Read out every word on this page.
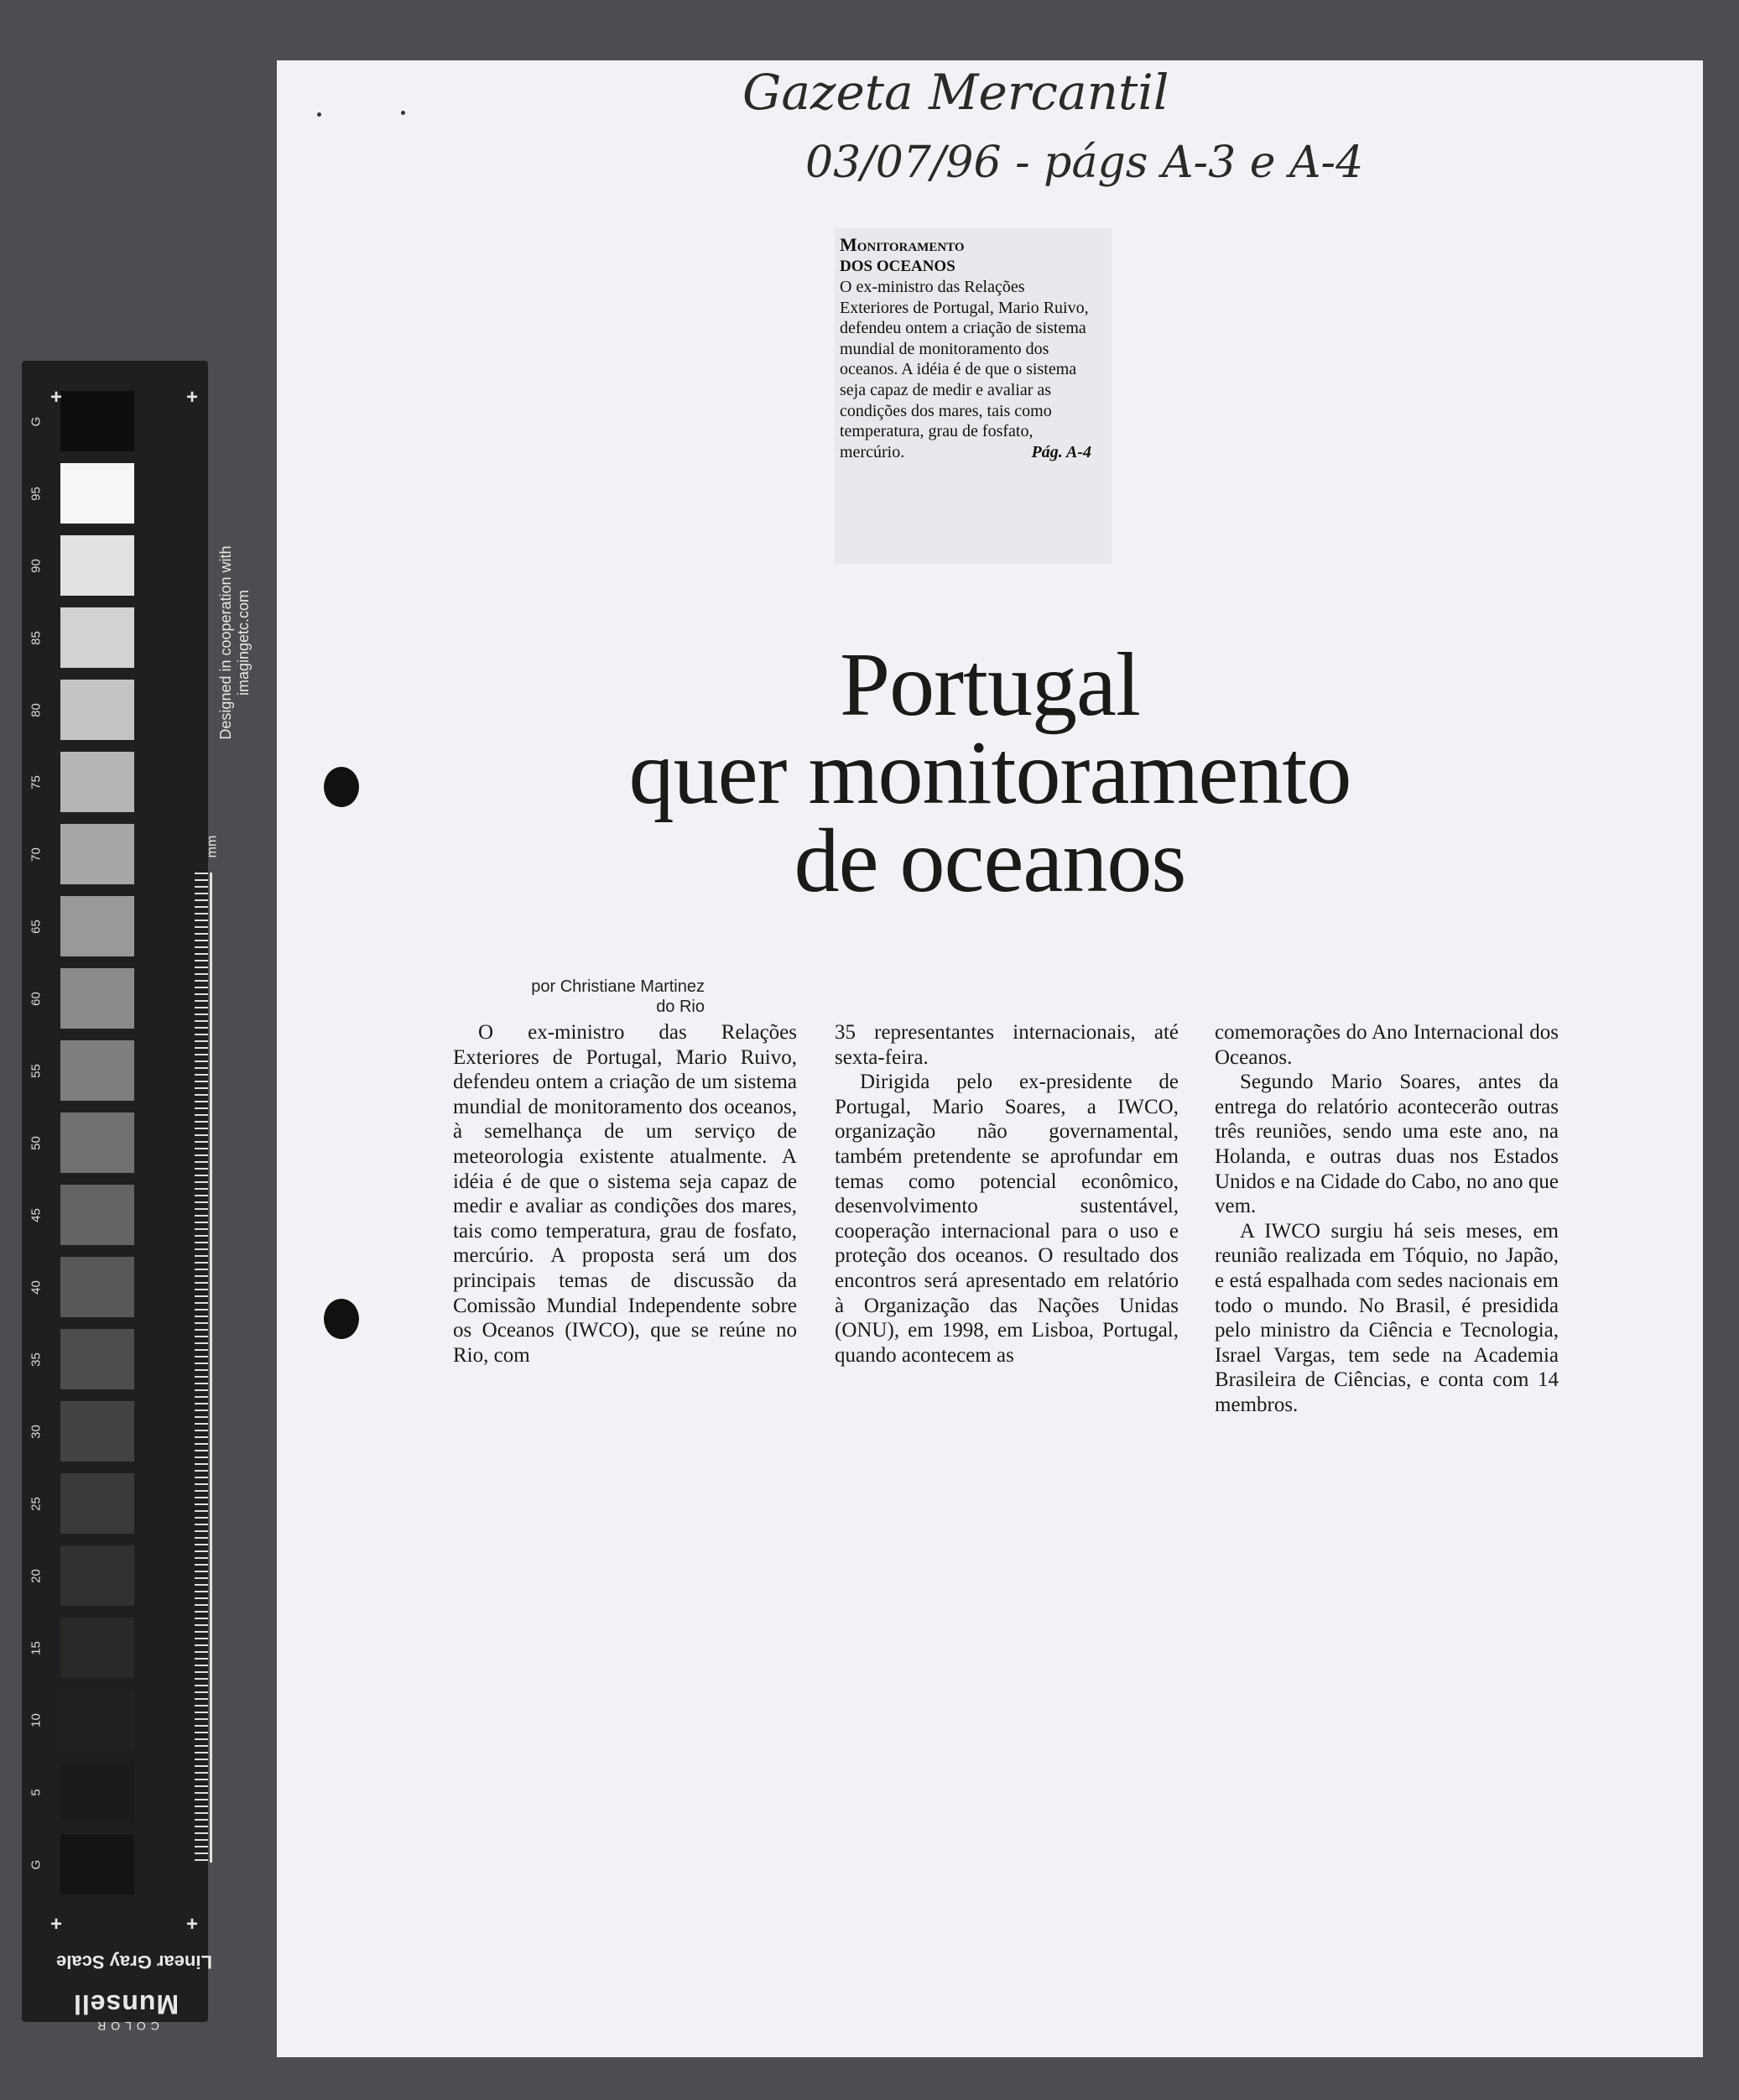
G
95
90
85
80
75
70
65
60
55
50
45
40
35
30
25
20
15
10
5
G
+	+
+	+
Designed in cooperation with imagingetc.com
mm
Linear Gray Scale
COLOR
Munsell
Gazeta Mercantil
03/07/96 - págs A-3 e A-4
Monitoramento
DOS OCEANOS
O ex-ministro das Relações Exteriores de Portugal, Mario Ruivo, defendeu ontem a criação de sistema mundial de monitoramento dos oceanos. A idéia é de que o sistema seja capaz de medir e avaliar as condições dos mares, tais como temperatura, grau de fosfato, mercúrio.	Pág. A-4
Portugal
quer monitoramento
de oceanos
por Christiane Martinez
do Rio

O ex-ministro das Relações Exteriores de Portugal, Mario Ruivo, defendeu ontem a criação de um sistema mundial de monitoramento dos oceanos, à semelhança de um serviço de meteorologia existente atualmente. A idéia é de que o sistema seja capaz de medir e avaliar as condições dos mares, tais como temperatura, grau de fosfato, mercúrio. A proposta será um dos principais temas de discussão da Comissão Mundial Independente sobre os Oceanos (IWCO), que se reúne no Rio, com

35 representantes internacionais, até sexta-feira.

Dirigida pelo ex-presidente de Portugal, Mario Soares, a IWCO, organização não governamental, também pretendente se aprofundar em temas como potencial econômico, desenvolvimento sustentável, cooperação internacional para o uso e proteção dos oceanos. O resultado dos encontros será apresentado em relatório à Organização das Nações Unidas (ONU), em 1998, em Lisboa, Portugal, quando acontecem as

comemorações do Ano Internacional dos Oceanos.

Segundo Mario Soares, antes da entrega do relatório acontecerão outras três reuniões, sendo uma este ano, na Holanda, e outras duas nos Estados Unidos e na Cidade do Cabo, no ano que vem.

A IWCO surgiu há seis meses, em reunião realizada em Tóquio, no Japão, e está espalhada com sedes nacionais em todo o mundo. No Brasil, é presidida pelo ministro da Ciência e Tecnologia, Israel Vargas, tem sede na Academia Brasileira de Ciências, e conta com 14 membros.
